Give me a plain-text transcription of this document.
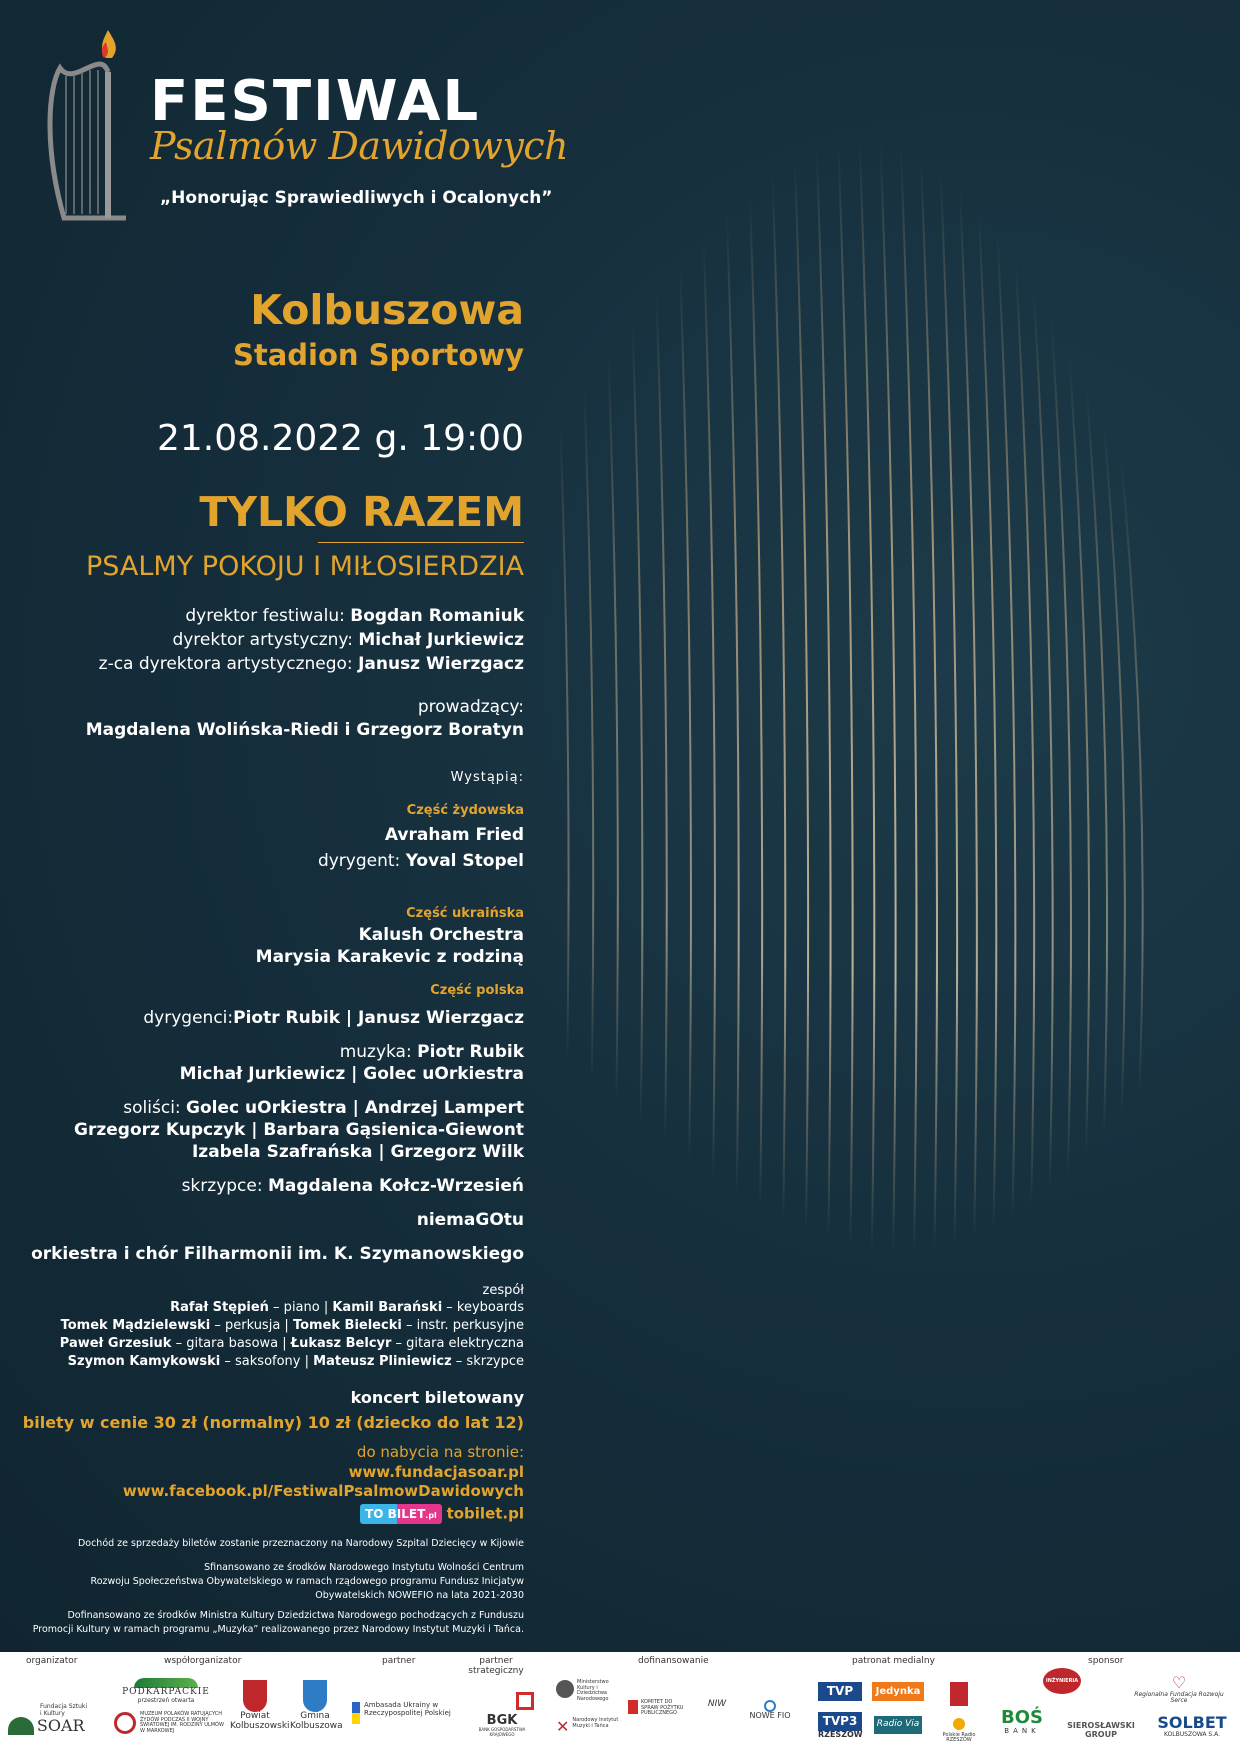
FESTIWAL
Psalmów Dawidowych
„Honorując Sprawiedliwych i Ocalonych”
Kolbuszowa
Stadion Sportowy
21.08.2022 g. 19:00
TYLKO RAZEM
PSALMY POKOJU I MIŁOSIERDZIA
dyrektor festiwalu: Bogdan Romaniuk
dyrektor artystyczny: Michał Jurkiewicz
z-ca dyrektora artystycznego: Janusz Wierzgacz
prowadzący:
Magdalena Wolińska-Riedi i Grzegorz Boratyn
Wystąpią:
Część żydowska
Avraham Fried
dyrygent: Yoval Stopel
Część ukraińska
Kalush Orchestra
Marysia Karakevic z rodziną
Część polska
dyrygenci:Piotr Rubik | Janusz Wierzgacz
muzyka: Piotr Rubik
Michał Jurkiewicz | Golec uOrkiestra
soliści: Golec uOrkiestra | Andrzej Lampert
Grzegorz Kupczyk | Barbara Gąsienica-Giewont
Izabela Szafrańska | Grzegorz Wilk
skrzypce: Magdalena Kołcz-Wrzesień
niemaGOtu
orkiestra i chór Filharmonii im. K. Szymanowskiego
zespół
Rafał Stępień – piano | Kamil Barański – keyboards
Tomek Mądzielewski – perkusja | Tomek Bielecki – instr. perkusyjne
Paweł Grzesiuk – gitara basowa | Łukasz Belcyr – gitara elektryczna
Szymon Kamykowski – saksofony | Mateusz Pliniewicz – skrzypce
koncert biletowany
bilety w cenie 30 zł (normalny) 10 zł (dziecko do lat 12)
do nabycia na stronie:
www.fundacjasoar.pl
www.facebook.pl/FestiwalPsalmowDawidowych
TO BILET.pl tobilet.pl
Dochód ze sprzedaży biletów zostanie przeznaczony na Narodowy Szpital Dziecięcy w Kijowie
Sfinansowano ze środków Narodowego Instytutu Wolności Centrum
Rozwoju Społeczeństwa Obywatelskiego w ramach rządowego programu Fundusz Inicjatyw
Obywatelskich NOWEFIO na lata 2021-2030
Dofinansowano ze środków Ministra Kultury Dziedzictwa Narodowego pochodzących z Funduszu
Promocji Kultury w ramach programu „Muzyka” realizowanego przez Narodowy Instytut Muzyki i Tańca.
organizator	współorganizator	partner	partner strategiczny
dofinansowanie	patronat medialny	sponsor
Fundacja Sztuki i Kultury
SOAR
PODKARPACKIE
przestrzeń otwarta
MUZEUM POLAKÓW RATUJĄCYCH ŻYDÓW PODCZAS II WOJNY ŚWIATOWEJ IM. RODZINY ULMÓW W MARKOWEJ
Powiat Kolbuszowski
Gmina Kolbuszowa
Ambasada Ukrainy w Rzeczypospolitej Polskiej
BGK
BANK GOSPODARSTWA KRAJOWEGO
Ministerstwo Kultury i Dziedzictwa Narodowego
✕ Narodowy Instytut Muzyki i Tańca
KOMITET DO SPRAW POŻYTKU PUBLICZNEGO
NIW
NOWE FIO
TVP
TVP3
RZESZÓW
Jedynka
Radio Via
Polskie Radio RZESZÓW
INŻYNIERIA
BOŚ
BANK
SIEROSŁAWSKI GROUP
♡
Regionalna Fundacja Rozwoju Serce
SOLBET
KOLBUSZOWA S.A.
